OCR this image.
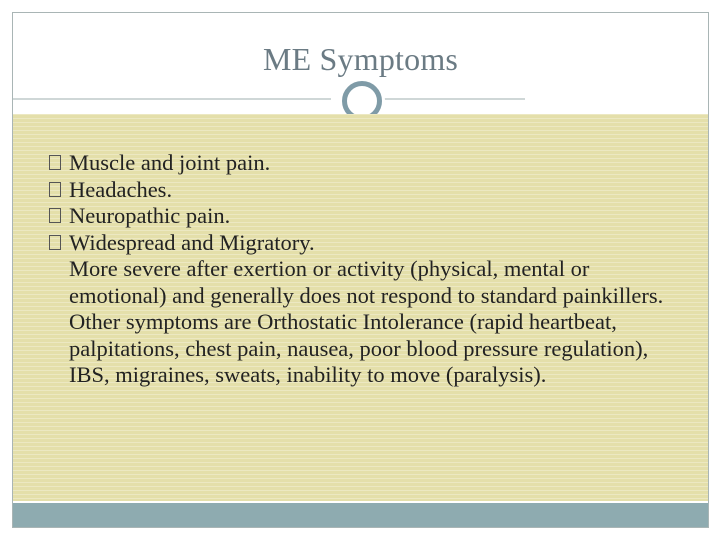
ME Symptoms
Muscle and joint pain.
Headaches.
Neuropathic pain.
Widespread and Migratory.
More severe after exertion or activity (physical, mental or emotional) and generally does not respond to standard painkillers.
Other symptoms are Orthostatic Intolerance (rapid heartbeat, palpitations, chest pain, nausea, poor blood pressure regulation), IBS, migraines, sweats, inability to move (paralysis).
